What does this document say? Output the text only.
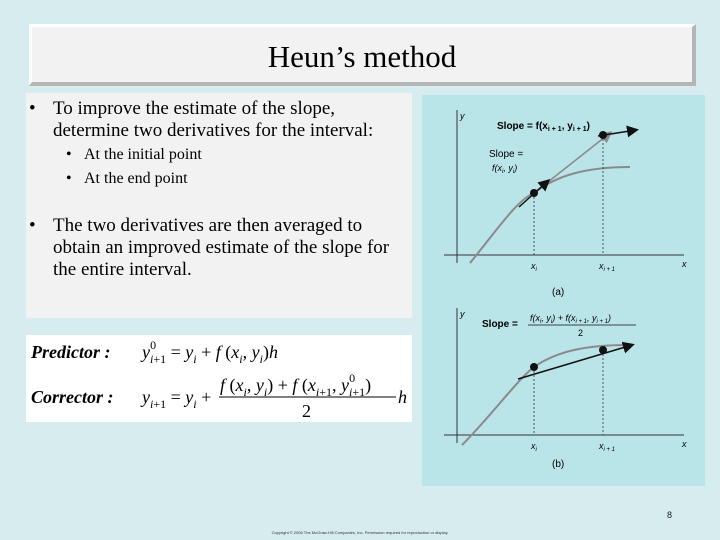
Heun’s method
• To improve the estimate of the slope,
determine two derivatives for the interval:
• At the initial point
• At the end point
• The two derivatives are then averaged to
obtain an improved estimate of the slope for
the entire interval.
Predictor : $y_i+10 = y_i + f$ ($x_i$, $y_i)h$
Corrector : $y_i+1 = y_i$ +
f ($x_i$, $y_i) + f$ ($x_i+1$, $y_i+10$ )
2
h
y
x
Slope = $f(x_{i + 1}$, $y_{i + 1}$)
Slope =
$f(x_i$, $y_i$)
$x_i$	$x_{i + 1}$
(a)
y
x
Slope =
$f(x_i$, $y_i) + f(x_{i + 1}$, $y_{i + 1}$)
2
$x_i$	$x_{i + 1}$
(b)
8
Copyright © 2006 The McGraw-Hill Companies, Inc. Permission required for reproduction or display.
